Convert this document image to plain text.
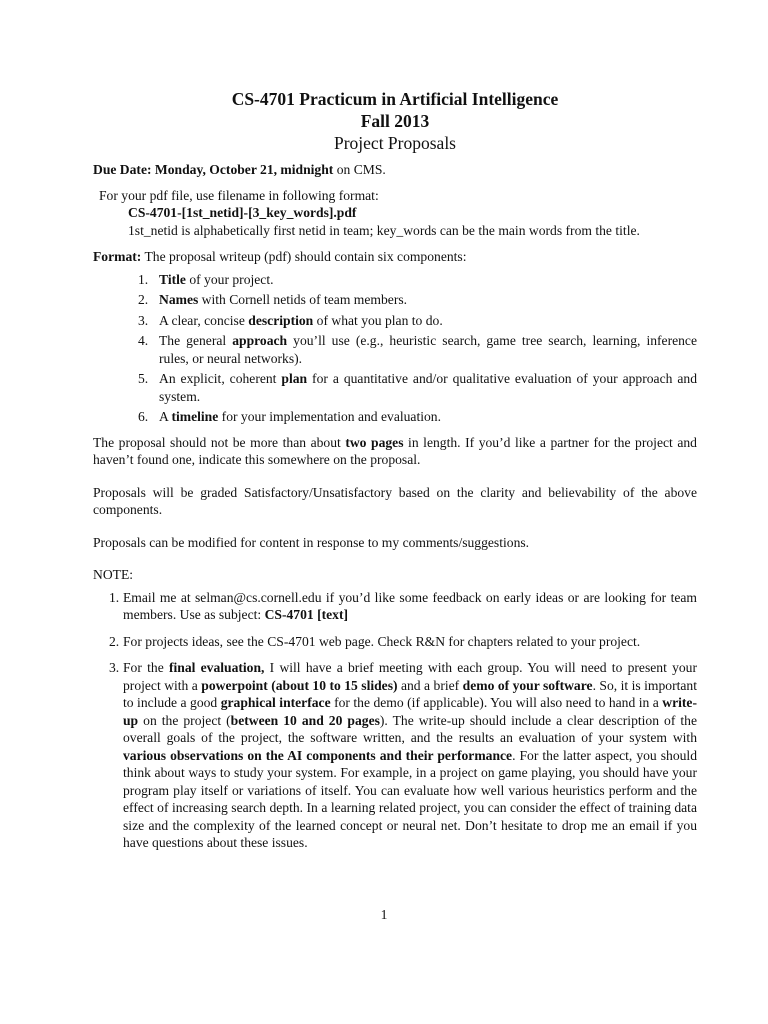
CS-4701 Practicum in Artificial Intelligence
Fall 2013
Project Proposals

Due Date: Monday, October 21, midnight on CMS.

For your pdf file, use filename in following format:
CS-4701-[1st_netid]-[3_key_words].pdf
1st_netid is alphabetically first netid in team; key_words can be the main words from the title.

Format: The proposal writeup (pdf) should contain six components:

1. Title of your project.
2. Names with Cornell netids of team members.
3. A clear, concise description of what you plan to do.
4. The general approach you’ll use (e.g., heuristic search, game tree search, learning, inference rules, or neural networks).
5. An explicit, coherent plan for a quantitative and/or qualitative evaluation of your approach and system.
6. A timeline for your implementation and evaluation.

The proposal should not be more than about two pages in length. If you’d like a partner for the project and haven’t found one, indicate this somewhere on the proposal.

Proposals will be graded Satisfactory/Unsatisfactory based on the clarity and believability of the above components.

Proposals can be modified for content in response to my comments/suggestions.

NOTE:

1. Email me at selman@cs.cornell.edu if you’d like some feedback on early ideas or are looking for team members. Use as subject: CS-4701 [text]
2. For projects ideas, see the CS-4701 web page. Check R&N for chapters related to your project.
3. For the final evaluation, I will have a brief meeting with each group. You will need to present your project with a powerpoint (about 10 to 15 slides) and a brief demo of your software. So, it is important to include a good graphical interface for the demo (if applicable). You will also need to hand in a write-up on the project (between 10 and 20 pages). The write-up should include a clear description of the overall goals of the project, the software written, and the results an evaluation of your system with various observations on the AI components and their performance. For the latter aspect, you should think about ways to study your system. For example, in a project on game playing, you should have your program play itself or variations of itself. You can evaluate how well various heuristics perform and the effect of increasing search depth. In a learning related project, you can consider the effect of training data size and the complexity of the learned concept or neural net. Don’t hesitate to drop me an email if you have questions about these issues.
1
